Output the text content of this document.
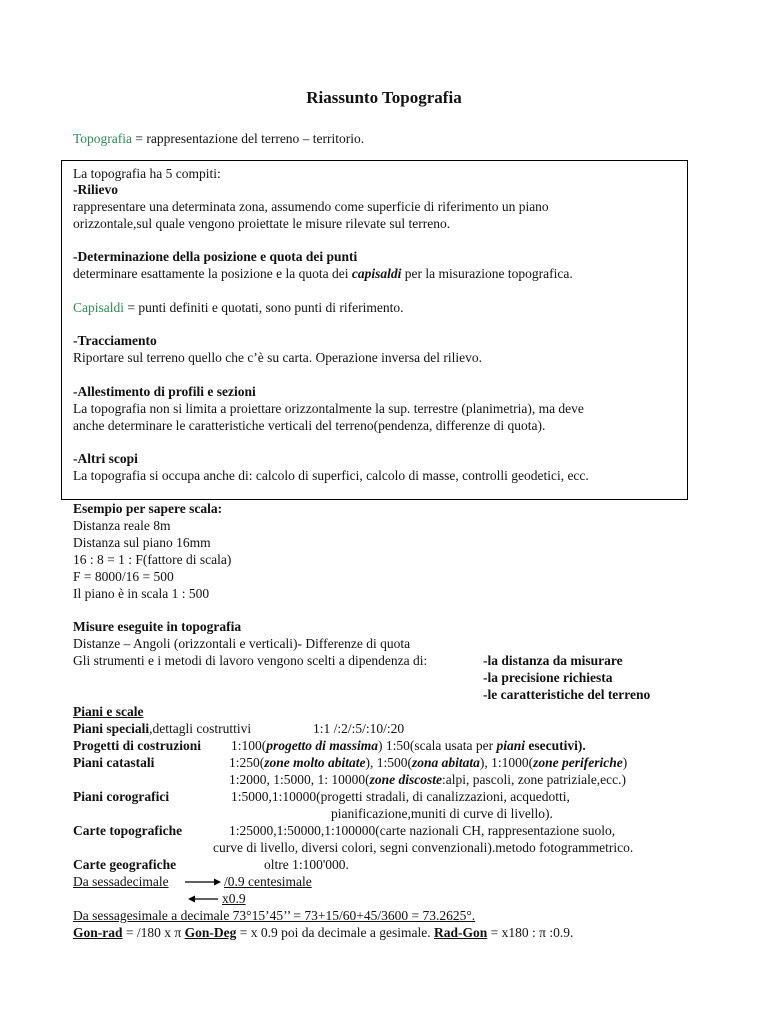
Riassunto Topografia
Topografia = rappresentazione del terreno – territorio.
La topografia ha 5 compiti:
-Rilievo
rappresentare una determinata zona, assumendo come superficie di riferimento un piano
orizzontale,sul quale vengono proiettate le misure rilevate sul terreno.
-Determinazione della posizione e quota dei punti
determinare esattamente la posizione e la quota dei capisaldi per la misurazione topografica.
Capisaldi = punti definiti e quotati, sono punti di riferimento.
-Tracciamento
Riportare sul terreno quello che c’è su carta. Operazione inversa del rilievo.
-Allestimento di profili e sezioni
La topografia non si limita a proiettare orizzontalmente la sup. terrestre (planimetria), ma deve
anche determinare le caratteristiche verticali del terreno(pendenza, differenze di quota).
-Altri scopi
La topografia si occupa anche di: calcolo di superfici, calcolo di masse, controlli geodetici, ecc.
Esempio per sapere scala:
Distanza reale 8m
Distanza sul piano 16mm
16 : 8 = 1 : F(fattore di scala)
F = 8000/16 = 500
Il piano è in scala 1 : 500
Misure eseguite in topografia
Distanze – Angoli (orizzontali e verticali)- Differenze di quota
Gli strumenti e i metodi di lavoro vengono scelti a dipendenza di:	-la distanza da misurare
-la precisione richiesta
-le caratteristiche del terreno
Piani e scale
Piani speciali,dettagli costruttivi	1:1 /:2/:5/:10/:20
Progetti di costruzioni 1:100(progetto di massima) 1:50(scala usata per piani esecutivi).
Piani catastali	1:250(zone molto abitate), 1:500(zona abitata), 1:1000(zone periferiche)
1:2000, 1:5000, 1: 10000(zone discoste:alpi, pascoli, zone patriziale,ecc.)
Piani corografici	1:5000,1:10000(progetti stradali, di canalizzazioni, acquedotti,
pianificazione,muniti di curve di livello).
Carte topografiche	1:25000,1:50000,1:100000(carte nazionali CH, rappresentazione suolo,
curve di livello, diversi colori, segni convenzionali).metodo fotogrammetrico.
Carte geografiche	oltre 1:100'000.
Da sessadecimale	/0.9 centesimale
x0.9
Da sessagesimale a decimale 73°15’45’’ = 73+15/60+45/3600 = 73.2625°.
Gon-rad = /180 x π Gon-Deg = x 0.9 poi da decimale a gesimale. Rad-Gon = x180 : π :0.9.
